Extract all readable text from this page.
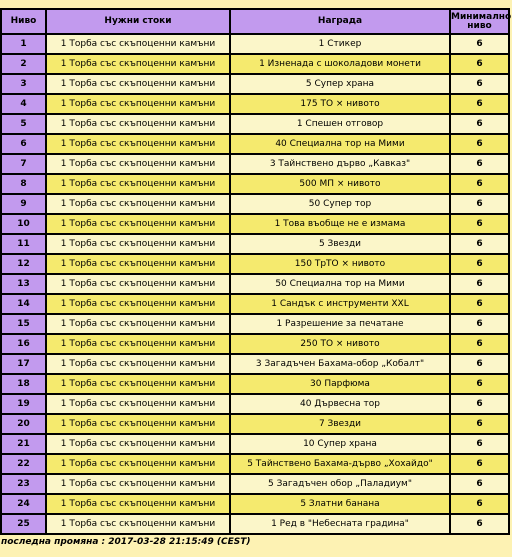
Ниво	Нужни стоки	Награда	Минимално ниво
1	1 Торба със скъпоценни камъни	1 Стикер	6
2	1 Торба със скъпоценни камъни	1 Изненада с шоколадови монети	6
3	1 Торба със скъпоценни камъни	5 Супер храна	6
4	1 Торба със скъпоценни камъни	175 ТО × нивото	6
5	1 Торба със скъпоценни камъни	1 Спешен отговор	6
6	1 Торба със скъпоценни камъни	40 Специална тор на Мими	6
7	1 Торба със скъпоценни камъни	3 Тайнствено дърво „Кавказ"	6
8	1 Торба със скъпоценни камъни	500 МП × нивото	6
9	1 Торба със скъпоценни камъни	50 Супер тор	6
10	1 Торба със скъпоценни камъни	1 Това въобще не е измама	6
11	1 Торба със скъпоценни камъни	5 Звезди	6
12	1 Торба със скъпоценни камъни	150 ТрТО × нивото	6
13	1 Торба със скъпоценни камъни	50 Специална тор на Мими	6
14	1 Торба със скъпоценни камъни	1 Сандък с инструменти XXL	6
15	1 Торба със скъпоценни камъни	1 Разрешение за печатане	6
16	1 Торба със скъпоценни камъни	250 ТО × нивото	6
17	1 Торба със скъпоценни камъни	3 Загадъчен Бахама-обор „Кобалт"	6
18	1 Торба със скъпоценни камъни	30 Парфюма	6
19	1 Торба със скъпоценни камъни	40 Дървесна тор	6
20	1 Торба със скъпоценни камъни	7 Звезди	6
21	1 Торба със скъпоценни камъни	10 Супер храна	6
22	1 Торба със скъпоценни камъни	5 Тайнствено Бахама-дърво „Хохайдо"	6
23	1 Торба със скъпоценни камъни	5 Загадъчен обор „Паладиум"	6
24	1 Торба със скъпоценни камъни	5 Златни банана	6
25	1 Торба със скъпоценни камъни	1 Ред в "Небесната градина"	6
последна промяна : 2017-03-28 21:15:49 (CEST)
